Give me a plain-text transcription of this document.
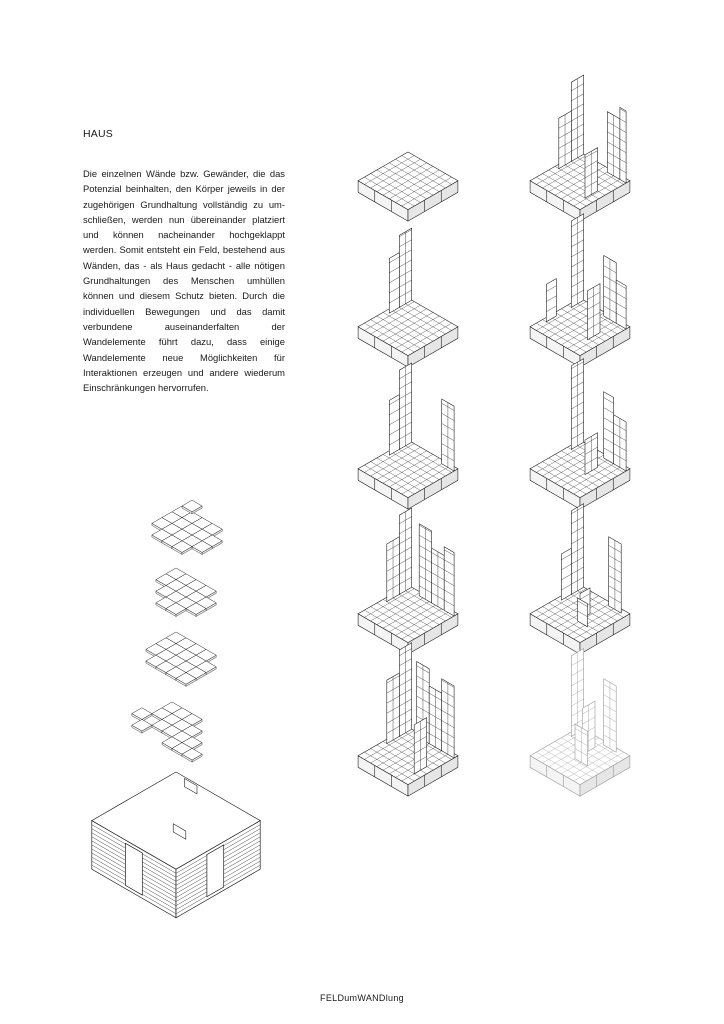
HAUS

Die einzelnen Wände bzw. Gewänder, die das Potenzial beinhalten, den Körper jeweils in der zugehörigen Grundhaltung vollständig zu umschließen, werden nun übereinander platziert und können nacheinander hochgeklappt werden. Somit entsteht ein Feld, bestehend aus Wänden, das - als Haus gedacht - alle nötigen Grundhaltungen des Menschen umhüllen können und diesem Schutz bieten. Durch die individuellen Bewegungen und das damit verbundene auseinanderfalten der Wandelemente führt dazu, dass einige Wandelemente neue Möglichkeiten für Interaktionen erzeugen und andere wiederum Einschränkungen hervorrufen.

FELDumWANDlung
